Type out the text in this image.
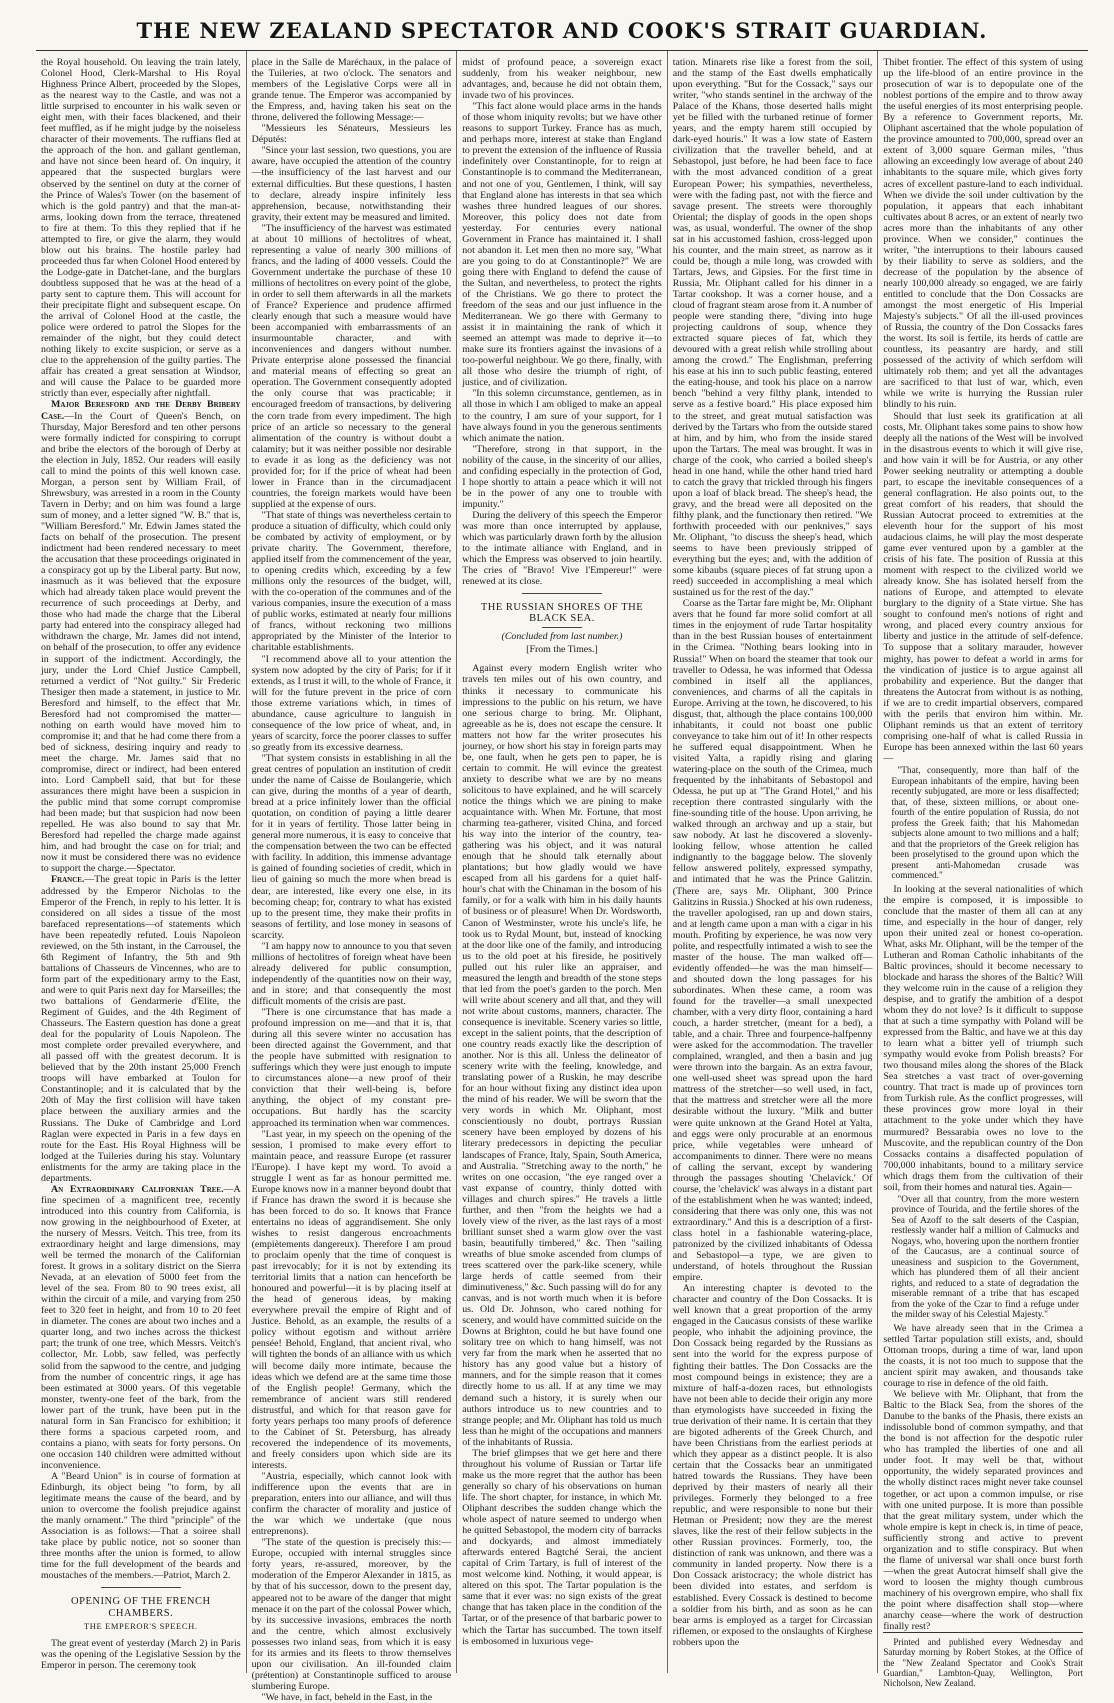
THE NEW ZEALAND SPECTATOR AND COOK'S STRAIT GUARDIAN.

the Royal household. On leaving the train lately, Colonel Hood, Clerk-Marshal to His Royal Highness Prince Albert, proceeded by the Slopes, as the nearest way to the Castle, and was not a little surprised to encounter in his walk seven or eight men, with their faces blackened, and their feet muffled, as if he might judge by the noiseless character of their movements. The ruffians fled at the approach of the hon. and gallant gentleman, and have not since been heard of. On inquiry, it appeared that the suspected burglars were observed by the sentinel on duty at the corner of the Prince of Wales's Tower (on the basement of which is the gold pantry) and that the man-at-arms, looking down from the terrace, threatened to fire at them. To this they replied that if he attempted to fire, or give the alarm, they would blow out his brains. The hostile parley had proceeded thus far when Colonel Hood entered by the Lodge-gate in Datchet-lane, and the burglars doubtless supposed that he was at the head of a party sent to capture them. This will account for their precipitate flight and subsequent escape. On the arrival of Colonel Hood at the castle, the police were ordered to patrol the Slopes for the remainder of the night, but they could detect nothing likely to excite suspicion, or serve as a clue to the apprehension of the guilty parties. The affair has created a great sensation at Windsor, and will cause the Palace to be guarded more strictly than ever, especially after nightfall.

Major Beresford and the Derby Bribery Case.—In the Court of Queen's Bench, on Thursday, Major Beresford and ten other persons were formally indicted for conspiring to corrupt and bribe the electors of the borough of Derby at the election in July, 1852. Our readers will easily call to mind the points of this well known case. Morgan, a person sent by William Frail, of Shrewsbury, was arrested in a room in the County Tavern in Derby; and on him was found a large sum of money, and a letter signed "W. B." that is, "William Beresford." Mr. Edwin James stated the facts on behalf of the prosecution. The present indictment had been rendered necessary to meet the accusation that these proceedings originated in a conspiracy got up by the Liberal party. But now, inasmuch as it was believed that the exposure which had already taken place would prevent the recurrence of such proceedings at Derby, and those who had made the charge that the Liberal party had entered into the conspiracy alleged had withdrawn the charge, Mr. James did not intend, on behalf of the prosecution, to offer any evidence in support of the indictment. Accordingly, the jury, under the Lord Chief Justice Campbell, returned a verdict of "Not guilty." Sir Frederic Thesiger then made a statement, in justice to Mr. Beresford and himself, to the effect that Mr. Beresford had not compromised the matter—nothing on earth would have moved him to compromise it; and that he had come there from a bed of sickness, desiring inquiry and ready to meet the charge. Mr. James said that no compromise, direct or indirect, had been entered into. Lord Campbell said, that but for these assurances there might have been a suspicion in the public mind that some corrupt compromise had been made; but that suspicion had now been repelled. He was also bound to say that Mr. Beresford had repelled the charge made against him, and had brought the case on for trial; and now it must be considered there was no evidence to support the charge.—Spectator.

France.—The great topic in Paris is the letter addressed by the Emperor Nicholas to the Emperor of the French, in reply to his letter. It is considered on all sides a tissue of the most barefaced representations—of statements which have been repeatedly refuted. Louis Napoleon reviewed, on the 5th instant, in the Carrousel, the 6th Regiment of Infantry, the 5th and 9th battalions of Chasseurs de Vincennes, who are to form part of the expeditionary army to the East, and were to quit Paris next day for Marseilles; the two battalions of Gendarmerie d'Elite, the Regiment of Guides, and the 4th Regiment of Chasseurs. The Eastern question has done a great deal for the popularity of Louis Napoleon. The most complete order prevailed everywhere, and all passed off with the greatest decorum. It is believed that by the 20th instant 25,000 French troops will have embarked at Toulon for Constantinople; and it is calculated that by the 20th of May the first collision will have taken place between the auxiliary armies and the Russians. The Duke of Cambridge and Lord Raglan were expected in Paris in a few days en route for the East. His Royal Highness will be lodged at the Tuileries during his stay. Voluntary enlistments for the army are taking place in the departments.

An Extraordinary Californian Tree.—A fine specimen of a magnificent tree, recently introduced into this country from California, is now growing in the neighbourhood of Exeter, at the nursery of Messrs. Veitch. This tree, from its extraordinary height and large dimensions, may well be termed the monarch of the Californian forest. It grows in a solitary district on the Sierra Nevada, at an elevation of 5000 feet from the level of the sea. From 80 to 90 trees exist, all within the circuit of a mile, and varying from 250 feet to 320 feet in height, and from 10 to 20 feet in diameter. The cones are about two inches and a quarter long, and two inches across the thickest part; the trunk of one tree, which Messrs. Veitch's collector, Mr. Lobb, saw felled, was perfectly solid from the sapwood to the centre, and judging from the number of concentric rings, it age has been estimated at 3000 years. Of this vegetable monster, twenty-one feet of the bark, from the lower part of the trunk, have been put in the natural form in San Francisco for exhibition; it there forms a spacious carpeted room, and contains a piano, with seats for forty persons. On one occasion 140 children were admitted without inconvenience.

A "Beard Union" is in course of formation at Edinburgh, its object being "to form, by all legitimate means the cause of the beard, and by union to overcome the foolish prejudice against the manly ornament." The third "principle" of the Association is as follows:—That a soiree shall take place by public notice, not so sooner than three months after the union is formed, to allow time for the full development of the beards and moustaches of the members.—Patriot, March 2.

OPENING OF THE FRENCH CHAMBERS.
THE EMPEROR'S SPEECH.

The great event of yesterday (March 2) in Paris was the opening of the Legislative Session by the Emperor in person. The ceremony took

place in the Salle de Maréchaux, in the palace of the Tuileries, at two o'clock. The senators and members of the Legislative Corps were all in grande tenue. The Emperor was accompanied by the Empress, and, having taken his seat on the throne, delivered the following Message:—

"Messieurs les Sénateurs, Messieurs les Députés:

"Since your last session, two questions, you are aware, have occupied the attention of the country—the insufficiency of the last harvest and our external difficulties. But these questions, I hasten to declare, already inspire infinitely less apprehension, because, notwithstanding their gravity, their extent may be measured and limited.

"The insufficiency of the harvest was estimated at about 10 millions of hectolitres of wheat, representing a value of nearly 300 millions of francs, and the lading of 4000 vessels. Could the Government undertake the purchase of these 10 millions of hectolitres on every point of the globe, in order to sell them afterwards in all the markets of France? Experience and prudence affirmed clearly enough that such a measure would have been accompanied with embarrassments of an insurmountable character, and with inconveniences and dangers without number. Private enterprise alone possessed the financial and material means of effecting so great an operation. The Government consequently adopted the only course that was practicable; it encouraged freedom of transactions, by delivering the corn trade from every impediment. The high price of an article so necessary to the general alimentation of the country is without doubt a calamity; but it was neither possible nor desirable to evade it as long as the deficiency was not provided for; for if the price of wheat had been lower in France than in the circumadjacent countries, the foreign markets would have been supplied at the expense of ours.

"That state of things was nevertheless certain to produce a situation of difficulty, which could only be combated by activity of employment, or by private charity. The Government, therefore, applied itself from the commencement of the year, to opening credits which, exceeding by a few millions only the resources of the budget, will, with the co-operation of the communes and of the various companies, insure the execution of a mass of public works, estimated at nearly four millions of francs, without reckoning two millions appropriated by the Minister of the Interior to charitable establishments.

"I recommend above all to your attention the system now adopted by the city of Paris; for if it extends, as I trust it will, to the whole of France, it will for the future prevent in the price of corn those extreme variations which, in times of abundance, cause agriculture to languish in consequence of the low price of wheat, and, in years of scarcity, force the poorer classes to suffer so greatly from its excessive dearness.

"That system consists in establishing in all the great centres of population an institution of credit under the name of Caisse de Boulangerie, which can give, during the months of a year of dearth, bread at a price infinitely lower than the official quotation, on condition of paying a little dearer for it in years of fertility. Those latter being in general more numerous, it is easy to conceive that the compensation between the two can be effected with facility. In addition, this immense advantage is gained of founding societies of credit, which in lieu of gaining so much the more when bread is dear, are interested, like every one else, in its becoming cheap; for, contrary to what has existed up to the present time, they make their profits in seasons of fertility, and lose money in seasons of scarcity.

"I am happy now to announce to you that seven millions of hectolitres of foreign wheat have been already delivered for public consumption, independently of the quantities now on their way, and in store; and that consequently the most difficult moments of the crisis are past.

"There is one circumstance that has made a profound impression on me—and that it is, that during all this severe winter no accusation has been directed against the Government, and that the people have submitted with resignation to sufferings which they were just enough to impute to circumstances alone—a new proof of their conviction that their well-being is, before anything, the object of my constant pre-occupations. But hardly has the scarcity approached its termination when war commences.

"Last year, in my speech on the opening of the session, I promised to make every effort to maintain peace, and reassure Europe (et rassurer l'Europe). I have kept my word. To avoid a struggle I went as far as honour permitted me. Europe knows now in a manner beyond doubt that if France has drawn the sword it is because she has been forced to do so. It knows that France entertains no ideas of aggrandisement. She only wishes to resist dangerous encroachments (empiètements dangereux). Therefore I am proud to proclaim openly that the time of conquest is past irrevocably; for it is not by extending its territorial limits that a nation can henceforth be honoured and powerful—it is by placing itself at the head of generous ideas, by making everywhere prevail the empire of Right and of Justice. Behold, as an example, the results of a policy without egotism and without arrière pensée! Behold, England, that ancient rival, who will tighten the bonds of an alliance with us which will become daily more intimate, because the ideas which we defend are at the same time those of the English people! Germany, which the remembrance of ancient wars still rendered distrustful, and which for that reason gave for forty years perhaps too many proofs of deference to the Cabinet of St. Petersburg, has already recovered the independence of its movements, and freely considers upon which side are its interests.

"Austria, especially, which cannot look with indifference upon the events that are in preparation, enters into our alliance, and will thus confirm the character of morality and justice of the war which we undertake (que nous entreprenons).

"The state of the question is precisely this:—Europe, occupied with internal struggles since forty years, re-assured, moreover, by the moderation of the Emperor Alexander in 1815, as by that of his successor, down to the present day, appeared not to be aware of the danger that might menace it on the part of the colossal Power which, by its successive invasions, embraces the north and the centre, which almost exclusively possesses two inland seas, from which it is easy for its armies and its fleets to throw themselves upon our civilisation. An ill-founded claim (prétention) at Constantinople sufficed to arouse slumbering Europe.

"We have, in fact, beheld in the East, in the

midst of profound peace, a sovereign exact suddenly, from his weaker neighbour, new advantages, and, because he did not obtain them, invade two of his provinces.

"This fact alone would place arms in the hands of those whom iniquity revolts; but we have other reasons to support Turkey. France has as much, and perhaps more, interest at stake than England to prevent the extension of the influence of Russia indefinitely over Constantinople, for to reign at Constantinople is to command the Mediterranean, and not one of you, Gentlemen, I think, will say that England alone has interests in that sea which washes three hundred leagues of our shores. Moreover, this policy does not date from yesterday. For centuries every national Government in France has maintained it. I shall not abandon it. Let men then no more say, "What are you going to do at Constantinople?" We are going there with England to defend the cause of the Sultan, and nevertheless, to protect the rights of the Christians. We go there to protect the freedom of the seas and our just influence in the Mediterranean. We go there with Germany to assist it in maintaining the rank of which it seemed an attempt was made to deprive it—to make sure its frontiers against the invasions of a too-powerful neighbour. We go there, finally, with all those who desire the triumph of right, of justice, and of civilization.

"In this solemn circumstance, gentlemen, as in all those in which I am obliged to make an appeal to the country, I am sure of your support, for I have always found in you the generous sentiments which animate the nation.

"Therefore, strong in that support, in the nobility of the cause, in the sincerity of our allies, and confiding especially in the protection of God, I hope shortly to attain a peace which it will not be in the power of any one to trouble with impunity."

During the delivery of this speech the Emperor was more than once interrupted by applause, which was particularly drawn forth by the allusion to the intimate alliance with England, and in which the Empress was observed to join heartily. The cries of "Bravo! Vive l'Empereur!" were renewed at its close.

THE RUSSIAN SHORES OF THE BLACK SEA.
(Concluded from last number.)
[From the Times.]

Against every modern English writer who travels ten miles out of his own country, and thinks it necessary to communicate his impressions to the public on his return, we have one serious charge to bring. Mr. Oliphant, agreeable as he is, does not escape the censure. It matters not how far the writer prosecutes his journey, or how short his stay in foreign parts may be, one fault, when he gets pen to paper, he is certain to commit. He will evince the greatest anxiety to describe what we are by no means solicitous to have explained, and he will scarcely notice the things which we are pining to make acquaintance with. When Mr. Fortune, that most charming tea-gatherer, visited China, and forced his way into the interior of the country, tea-gathering was his object, and it was natural enough that he should talk eternally about plantations; but how gladly would we have escaped from all his gardens for a quiet half-hour's chat with the Chinaman in the bosom of his family, or for a walk with him in his daily haunts of business or of pleasure! When Dr. Wordsworth, Canon of Westminster, wrote his uncle's life, he took us to Rydal Mount, but, instead of knocking at the door like one of the family, and introducing us to the old poet at his fireside, he positively pulled out his ruler like an appraiser, and measured the length and breadth of the stone steps that led from the poet's garden to the porch. Men will write about scenery and all that, and they will not write about customs, manners, character. The consequence is inevitable. Scenery varies so little, except in the salient points, that the description of one country reads exactly like the description of another. Nor is this all. Unless the delineator of scenery write with the feeling, knowledge, and translating power of a Ruskin, he may describe for an hour without fixing any distinct idea upon the mind of his reader. We will be sworn that the very words in which Mr. Oliphant, most conscientiously no doubt, portrays Russian scenery have been employed by dozens of his literary predecessors in depicting the peculiar landscapes of France, Italy, Spain, South America, and Australia. "Stretching away to the north," he writes on one occasion, "the eye ranged over a vast expanse of country, thinly dotted with villages and church spires." He travels a little further, and then "from the heights we had a lovely view of the river, as the last rays of a most brilliant sunset shed a warm glow over the vast basin, beautifully timbered," &c. Then "sailing wreaths of blue smoke ascended from clumps of trees scattered over the park-like scenery, while large herds of cattle seemed from their diminutiveness," &c. Such passing will do for any canvas, and is not worth much when it is before us. Old Dr. Johnson, who cared nothing for scenery, and would have committed suicide on the Downs at Brighton, could he but have found one solitary tree on which to hang himself, was not very far from the mark when he asserted that no history has any good value but a history of manners, and for the simple reason that it comes directly home to us all. If at any time we may demand such a history, it is surely when our authors introduce us to new countries and to strange people; and Mr. Oliphant has told us much less than he might of the occupations and manners of the inhabitants of Russia.

The brief glimpses that we get here and there throughout his volume of Russian or Tartar life make us the more regret that the author has been generally so chary of his observations on human life. The short chapter, for instance, in which Mr. Oliphant describes the sudden change which the whole aspect of nature seemed to undergo when he quitted Sebastopol, the modern city of barracks and dockyards, and almost immediately afterwards entered Bagtché Serai, the ancient capital of Crim Tartary, is full of interest of the most welcome kind. Nothing, it would appear, is altered on this spot. The Tartar population is the same that it ever was: no sign exists of the great change that has taken place in the condition of the Tartar, or of the presence of that barbaric power to which the Tartar has succumbed. The town itself is embosomed in luxurious vege-

tation. Minarets rise like a forest from the soil, and the stamp of the East dwells emphatically upon everything. "But for the Cossack," says our writer, "who stands sentinel in the archway of the Palace of the Khans, those deserted halls might yet be filled with the turbaned retinue of former years, and the empty harem still occupied by dark-eyed houris." It was a low state of Eastern civilization that the traveller beheld, and at Sebastopol, just before, he had been face to face with the most advanced condition of a great European Power; his sympathies, nevertheless, were with the fading past, not with the fierce and savage present. The streets were thoroughly Oriental; the display of goods in the open shops was, as usual, wonderful. The owner of the shop sat in his accustomed fashion, cross-legged upon his counter, and the main street, as narrow as it could be, though a mile long, was crowded with Tartars, Jews, and Gipsies. For the first time in Russia, Mr. Oliphant called for his dinner in a Tartar cookshop. It was a corner house, and a cloud of fragrant steam arose from it. A number of people were standing there, "diving into huge projecting cauldrons of soup, whence they extracted square pieces of fat, which they devoured with a great relish while strolling about among the crowd." The Englishman, preferring his ease at his inn to such public feasting, entered the eating-house, and took his place on a narrow bench "behind a very filthy plank, intended to serve as a festive board." His place exposed him to the street, and great mutual satisfaction was derived by the Tartars who from the outside stared at him, and by him, who from the inside stared upon the Tartars. The meal was brought. It was in charge of the cook, who carried a boiled sheep's head in one hand, while the other hand tried hard to catch the gravy that trickled through his fingers upon a loaf of black bread. The sheep's head, the gravy, and the bread were all deposited on the filthy plank, and the functionary then retired. "We forthwith proceeded with our penknives," says Mr. Oliphant, "to discuss the sheep's head, which seems to have been previously stripped of everything but the eyes; and, with the addition of some kibaubs (square pieces of fat strung upon a reed) succeeded in accomplishing a meal which sustained us for the rest of the day."

Coarse as the Tartar fare might be, Mr. Oliphant avers that he found far more solid comfort at all times in the enjoyment of rude Tartar hospitality than in the best Russian houses of entertainment in the Crimea. "Nothing bears looking into in Russia!" When on board the steamer that took our traveller to Odessa, he was informed that Odessa combined in itself all the appliances, conveniences, and charms of all the capitals in Europe. Arriving at the town, he discovered, to his disgust, that, although the place contains 100,000 inhabitants, it could not boast one public conveyance to take him out of it! In other respects he suffered equal disappointment. When he visited Yalta, a rapidly rising and glaring watering-place on the south of the Crimea, much frequented by the inhabitants of Sebastopol and Odessa, he put up at "The Grand Hotel," and his reception there contrasted singularly with the fine-sounding title of the house. Upon arriving, he walked through an archway and up a stair, but saw nobody. At last he discovered a slovenly-looking fellow, whose attention he called indignantly to the baggage below. The slovenly fellow answered politely, expressed sympathy, and intimated that he was the Prince Galitzin. (There are, says Mr. Oliphant, 300 Prince Galitzins in Russia.) Shocked at his own rudeness, the traveller apologised, ran up and down stairs, and at length came upon a man with a cigar in his mouth. Profiting by experience, he was now very polite, and respectfully intimated a wish to see the master of the house. The man walked off—evidently offended—he was the man himself—and shouted down the long passages for his subordinates. When these came, a room was found for the traveller—a small unexpected chamber, with a very dirty floor, containing a hard couch, a harder stretcher, (meant for a bed), a table, and a chair. Three and fourpence-halfpenny were asked for the accommodation. The traveller complained, wrangled, and then a basin and jug were thrown into the bargain. As an extra favour, one well-used sheet was spread upon the hard mattress of the stretcher—so well used, in fact, that the mattress and stretcher were all the more desirable without the luxury. "Milk and butter were quite unknown at the Grand Hotel at Yalta, and eggs were only procurable at an enormous price, while vegetables were unheard of accompaniments to dinner. There were no means of calling the servant, except by wandering through the passages shouting 'Chelavick.' Of course, the 'chelavick' was always in a distant part of the establishment when he was wanted; indeed, considering that there was only one, this was not extraordinary." And this is a description of a first-class hotel in a fashionable watering-place, patronized by the civilized inhabitants of Odessa and Sebastopol—a type, we are given to understand, of hotels throughout the Russian empire.

An interesting chapter is devoted to the character and country of the Don Cossacks. It is well known that a great proportion of the army engaged in the Caucasus consists of these warlike people, who inhabit the adjoining province, the Don Cossack being regarded by the Russians as sent into the world for the express purpose of fighting their battles. The Don Cossacks are the most compound beings in existence; they are a mixture of half-a-dozen races, but ethnologists have not been able to decide their origin any more than etymologists have succeeded in fixing the true derivation of their name. It is certain that they are bigoted adherents of the Greek Church, and have been Christians from the earliest periods at which they appear as a distinct people. It is also certain that the Cossacks bear an unmitigated hatred towards the Russians. They have been deprived by their masters of nearly all their privileges. Formerly they belonged to a free republic, and were responsible to none but their Hetman or President; now they are the merest slaves, like the rest of their fellow subjects in the other Russian provinces. Formerly, too, the distinction of rank was unknown, and there was a community in landed property. Now there is a Don Cossack aristocracy; the whole district has been divided into estates, and serfdom is established. Every Cossack is destined to become a soldier from his birth, and as soon as he can bear arms is employed as a target for Circassian riflemen, or exposed to the onslaughts of Kirghese robbers upon the

Thibet frontier. The effect of this system of using up the life-blood of an entire province in the prosecution of war is to depopulate one of the noblest portions of the empire and to throw away the useful energies of its most enterprising people. By a reference to Government reports, Mr. Oliphant ascertained that the whole population of the province amounted to 700,000, spread over an extent of 3,000 square German miles, "thus allowing an exceedingly low average of about 240 inhabitants to the square mile, which gives forty acres of excellent pasture-land to each individual. When we divide the soil under cultivation by the population, it appears that each inhabitant cultivates about 8 acres, or an extent of nearly two acres more than the inhabitants of any other province. When we consider," continues the writer, "the interruptions to their labours caused by their liability to serve as soldiers, and the decrease of the population by the absence of nearly 100,000 already so engaged, we are fairly entitled to conclude that the Don Cossacks are amongst the most energetic of His Imperial Majesty's subjects." Of all the ill-used provinces of Russia, the country of the Don Cossacks fares the worst. Its soil is fertile, its herds of cattle are countless, its peasantry are hardy, and still possessed of the activity of which serfdom will ultimately rob them; and yet all the advantages are sacrificed to that lust of war, which, even while we write is hurrying the Russian ruler blindly to his ruin.

Should that lust seek its gratification at all costs, Mr. Oliphant takes some pains to show how deeply all the nations of the West will be involved in the disastrous events to which it will give rise, and how vain it will be for Austria, or any other Power seeking neutrality or attempting a double part, to escape the inevitable consequences of a general conflagration. He also points out, to the great comfort of his readers, that should the Russian Autocrat proceed to extremities at the eleventh hour for the support of his most audacious claims, he will play the most desperate game ever ventured upon by a gambler at the crisis of his fate. The position of Russia at this moment with respect to the civilized world we already know. She has isolated herself from the nations of Europe, and attempted to elevate burglary to the dignity of a State virtue. She has sought to confound men's notions of right and wrong, and placed every country anxious for liberty and justice in the attitude of self-defence. To suppose that a solitary marauder, however mighty, has power to defeat a world in arms for the vindication of justice is to argue against all probability and experience. But the danger that threatens the Autocrat from without is as nothing, if we are to credit impartial observers, compared with the perils that environ him within. Mr. Oliphant reminds us that an extent of territory comprising one-half of what is called Russia in Europe has been annexed within the last 60 years—

"That, consequently, more than half of the European inhabitants of the empire, having been recently subjugated, are more or less disaffected; that, of these, sixteen millions, or about one-fourth of the entire population of Russia, do not profess the Greek faith; that his Mahomedan subjects alone amount to two millions and a half; and that the proprietors of the Greek religion has been proselytised to the ground upon which the present anti-Mahomedan crusade was commenced."

In looking at the several nationalities of which the empire is composed, it is impossible to conclude that the master of them all can at any time, and especially in the hour of danger, rely upon their united zeal or honest co-operation. What, asks Mr. Oliphant, will be the temper of the Lutheran and Roman Catholic inhabitants of the Baltic provinces, should it become necessary to blockade and harass the shores of the Baltic? Will they welcome ruin in the cause of a religion they despise, and to gratify the ambition of a despot whom they do not love? Is it difficult to suppose that at such a time sympathy with Poland will be expressed from the Baltic, and have we at this day to learn what a bitter yell of triumph such sympathy would evoke from Polish breasts? For two thousand miles along the shores of the Black Sea stretches a vast tract of over-governing country. That tract is made up of provinces torn from Turkish rule. As the conflict progresses, will these provinces grow more loyal in their attachment to the yoke under which they have murmured? Bessarabia owes no love to the Muscovite, and the republican country of the Don Cossacks contains a disaffected population of 700,000 inhabitants, bound to a military service which drags them from the cultivation of their soil, from their homes and natural ties. Again—

"Over all that country, from the more western province of Tourida, and the fertile shores of the Sea of Azoff to the salt deserts of the Caspian, restlessly wander half a million of Calmucks and Nogays, who, hovering upon the northern frontier of the Caucasus, are a continual source of uneasiness and suspicion to the Government, which has plundered them of all their ancient rights, and reduced to a state of degradation the miserable remnant of a tribe that has escaped from the yoke of the Czar to find a refuge under the milder sway of his Celestial Majesty."

We have already seen that in the Crimea a settled Tartar population still exists, and, should Ottoman troops, during a time of war, land upon the coasts, it is not too much to suppose that the ancient spirit may awaken, and thousands take courage to rise in defence of the old faith.

We believe with Mr. Oliphant, that from the Baltic to the Black Sea, from the shores of the Danube to the banks of the Phasis, there exists an indissoluble bond of common sympathy, and that the bond is not affection for the despotic ruler who has trampled the liberties of one and all under foot. It may well be that, without opportunity, the widely separated provinces and the wholly distinct races might never take counsel together, or act upon a common impulse, or rise with one united purpose. It is more than possible that the great military system, under which the whole empire is kept in check is, in time of peace, sufficiently strong and active to prevent organization and to stifle conspiracy. But when the flame of universal war shall once burst forth—when the great Autocrat himself shall give the word to loosen the mighty though cumbrous machinery of his overgrown empire, who shall fix the point where disaffection shall stop—where anarchy cease—where the work of destruction finally rest?

Printed and published every Wednesday and Saturday morning by Robert Stokes, at the Office of the "New Zealand Spectator and Cook's Strait Guardian," Lambton-Quay, Wellington, Port Nicholson, New Zealand.
